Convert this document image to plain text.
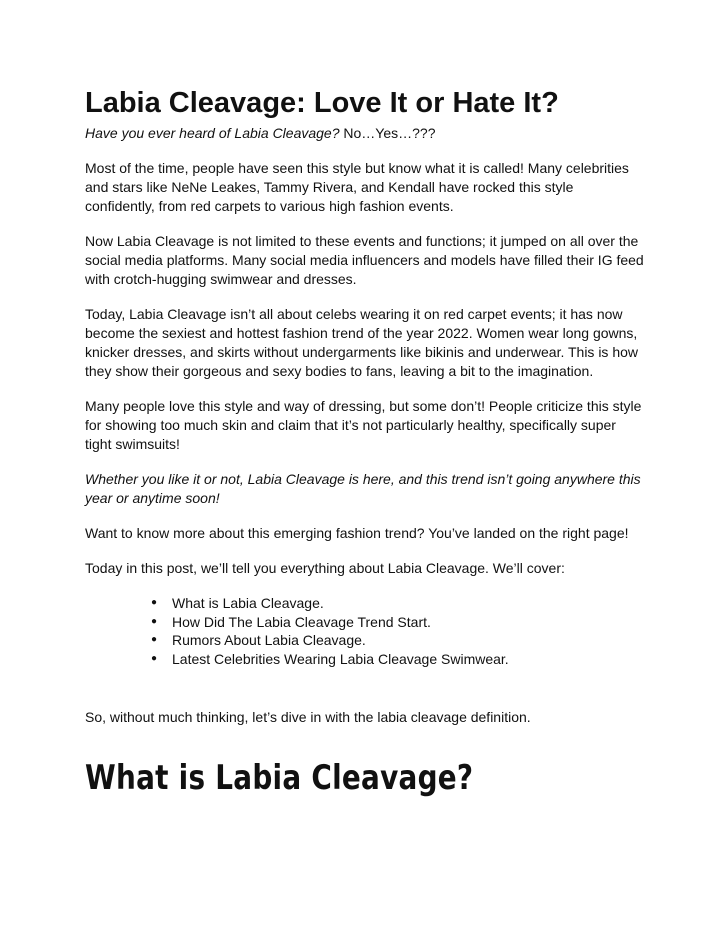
Labia Cleavage: Love It or Hate It?

Have you ever heard of Labia Cleavage? No…Yes…???

Most of the time, people have seen this style but know what it is called! Many celebrities and stars like NeNe Leakes, Tammy Rivera, and Kendall have rocked this style confidently, from red carpets to various high fashion events.

Now Labia Cleavage is not limited to these events and functions; it jumped on all over the social media platforms. Many social media influencers and models have filled their IG feed with crotch-hugging swimwear and dresses.

Today, Labia Cleavage isn’t all about celebs wearing it on red carpet events; it has now become the sexiest and hottest fashion trend of the year 2022. Women wear long gowns, knicker dresses, and skirts without undergarments like bikinis and underwear. This is how they show their gorgeous and sexy bodies to fans, leaving a bit to the imagination.

Many people love this style and way of dressing, but some don’t! People criticize this style for showing too much skin and claim that it’s not particularly healthy, specifically super tight swimsuits!

Whether you like it or not, Labia Cleavage is here, and this trend isn’t going anywhere this year or anytime soon!

Want to know more about this emerging fashion trend? You’ve landed on the right page!

Today in this post, we’ll tell you everything about Labia Cleavage. We’ll cover:

● What is Labia Cleavage.
● How Did The Labia Cleavage Trend Start.
● Rumors About Labia Cleavage.
● Latest Celebrities Wearing Labia Cleavage Swimwear.

So, without much thinking, let’s dive in with the labia cleavage definition.

What is Labia Cleavage?
